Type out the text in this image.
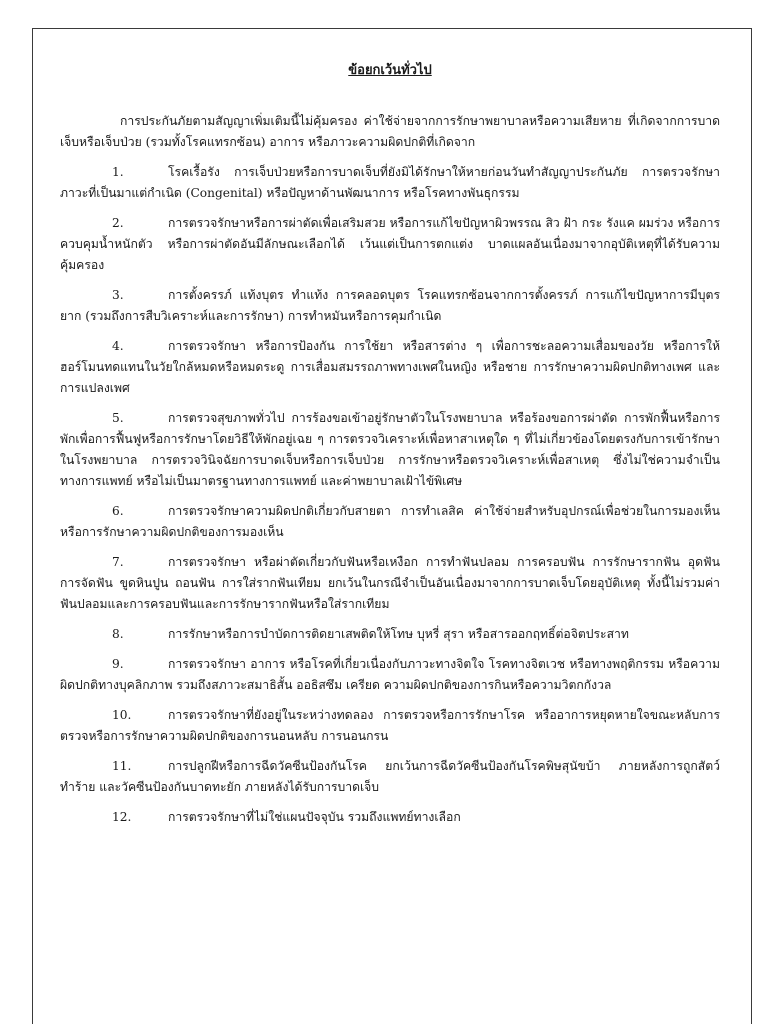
ข้อยกเว้นทั่วไป

การประกันภัยตามสัญญาเพิ่มเติมนี้ไม่คุ้มครอง ค่าใช้จ่ายจากการรักษาพยาบาลหรือความเสียหาย ที่เกิดจากการบาดเจ็บหรือเจ็บป่วย (รวมทั้งโรคแทรกซ้อน) อาการ หรือภาวะความผิดปกติที่เกิดจาก

1.	โรคเรื้อรัง การเจ็บป่วยหรือการบาดเจ็บที่ยังมิได้รักษาให้หายก่อนวันทำสัญญาประกันภัย การตรวจรักษาภาวะที่เป็นมาแต่กำเนิด (Congenital) หรือปัญหาด้านพัฒนาการ หรือโรคทางพันธุกรรม

2.	การตรวจรักษาหรือการผ่าตัดเพื่อเสริมสวย หรือการแก้ไขปัญหาผิวพรรณ สิว ฝ้า กระ รังแค ผมร่วง หรือการควบคุมน้ำหนักตัว หรือการผ่าตัดอันมีลักษณะเลือกได้ เว้นแต่เป็นการตกแต่ง บาดแผลอันเนื่องมาจากอุบัติเหตุที่ได้รับความคุ้มครอง

3.	การตั้งครรภ์ แท้งบุตร ทำแท้ง การคลอดบุตร โรคแทรกซ้อนจากการตั้งครรภ์ การแก้ไขปัญหาการมีบุตรยาก (รวมถึงการสืบวิเคราะห์และการรักษา) การทำหมันหรือการคุมกำเนิด

4.	การตรวจรักษา หรือการป้องกัน การใช้ยา หรือสารต่าง ๆ เพื่อการชะลอความเสื่อมของวัย หรือการให้ฮอร์โมนทดแทนในวัยใกล้หมดหรือหมดระดู การเสื่อมสมรรถภาพทางเพศในหญิง หรือชาย การรักษาความผิดปกติทางเพศ และการแปลงเพศ

5.	การตรวจสุขภาพทั่วไป การร้องขอเข้าอยู่รักษาตัวในโรงพยาบาล หรือร้องขอการผ่าตัด การพักฟื้นหรือการพักเพื่อการฟื้นฟูหรือการรักษาโดยวิธีให้พักอยู่เฉย ๆ การตรวจวิเคราะห์เพื่อหาสาเหตุใด ๆ ที่ไม่เกี่ยวข้องโดยตรงกับการเข้ารักษาในโรงพยาบาล การตรวจวินิจฉัยการบาดเจ็บหรือการเจ็บป่วย การรักษาหรือตรวจวิเคราะห์เพื่อสาเหตุ ซึ่งไม่ใช่ความจำเป็นทางการแพทย์ หรือไม่เป็นมาตรฐานทางการแพทย์ และค่าพยาบาลเฝ้าไข้พิเศษ

6.	การตรวจรักษาความผิดปกติเกี่ยวกับสายตา การทำเลสิค ค่าใช้จ่ายสำหรับอุปกรณ์เพื่อช่วยในการมองเห็นหรือการรักษาความผิดปกติของการมองเห็น

7.	การตรวจรักษา หรือผ่าตัดเกี่ยวกับฟันหรือเหงือก การทำฟันปลอม การครอบฟัน การรักษารากฟัน อุดฟัน การจัดฟัน ขูดหินปูน ถอนฟัน การใส่รากฟันเทียม ยกเว้นในกรณีจำเป็นอันเนื่องมาจากการบาดเจ็บโดยอุบัติเหตุ ทั้งนี้ไม่รวมค่าฟันปลอมและการครอบฟันและการรักษารากฟันหรือใส่รากเทียม

8.	การรักษาหรือการบำบัดการติดยาเสพติดให้โทษ บุหรี่ สุรา หรือสารออกฤทธิ์ต่อจิตประสาท

9.	การตรวจรักษา อาการ หรือโรคที่เกี่ยวเนื่องกับภาวะทางจิตใจ โรคทางจิตเวช หรือทางพฤติกรรม หรือความผิดปกติทางบุคลิกภาพ รวมถึงสภาวะสมาธิสั้น ออธิสซึม เครียด ความผิดปกติของการกินหรือความวิตกกังวล

10.	การตรวจรักษาที่ยังอยู่ในระหว่างทดลอง การตรวจหรือการรักษาโรค หรืออาการหยุดหายใจขณะหลับการตรวจหรือการรักษาความผิดปกติของการนอนหลับ การนอนกรน

11.	การปลูกฝีหรือการฉีดวัคซีนป้องกันโรค ยกเว้นการฉีดวัคซีนป้องกันโรคพิษสุนัขบ้า ภายหลังการถูกสัตว์ทำร้าย และวัคซีนป้องกันบาดทะยัก ภายหลังได้รับการบาดเจ็บ

12.	การตรวจรักษาที่ไม่ใช่แผนปัจจุบัน รวมถึงแพทย์ทางเลือก
